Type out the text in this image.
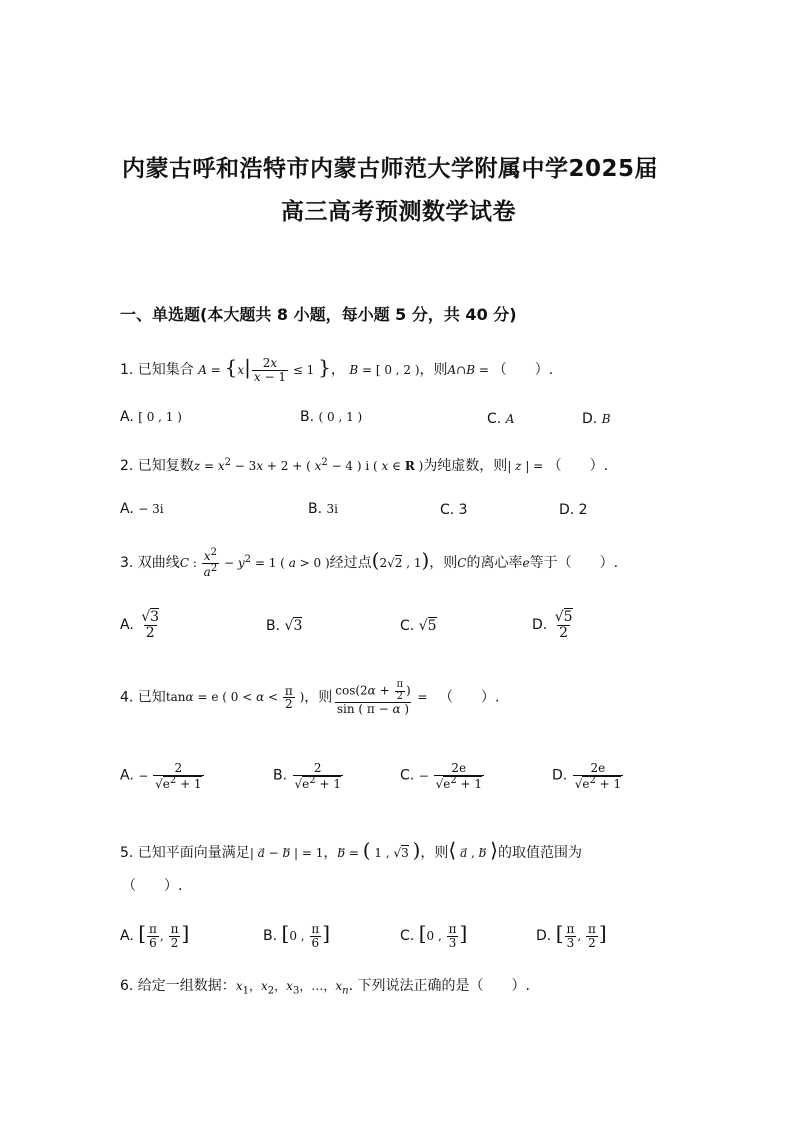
内蒙古呼和浩特市内蒙古师范大学附属中学2025届
高三高考预测数学试卷
一、单选题(本大题共 8 小题，每小题 5 分，共 40 分)
1. 已知集合 $A = \{x| \frac{2x}{x - 1} \le 1$ }， B = [ 0 , 2 )，则A∩B = （　　）.
A. [ 0 , 1 )	B. ( 0 , 1 )	C. A	D. B
2. 已知复数$z = x^2 - 3x + 2$ + ( $x^2 - 4$ ) i ( x ∈ R )为纯虚数，则| z | = （　　）.
A. − 3i	B. 3i	C. 3	D. 2
3. 双曲线C : $\frac{x^2}{a^2} - y^2 = 1$ ( a > 0 )经过点(2√2 , 1)，则C的离心率e等于（　　）.
A. $\frac{√3}{2}$	B. √3	C. √5	D. $\frac{√5}{2}$
4. 已知tanα = e ( $0 < \alpha < \frac{\pi}{2}$ )，则 $\frac{\cos(2\alpha + \frac{\pi}{2} )}{\sin ( \pi - \alpha )}$ = 　（　　）.
A. − $\frac{2}{√e^2 + 1}$	B. $\frac{2}{√e^2 + 1}$	C. − $\frac{2e}{√e^2 + 1}$	D. $\frac{2e}{√e^2 + 1}$
5. 已知平面向量满足| a⃗ − b⃗ | = 1，b⃗ = ( 1 , √3 )，则⟨ a⃗ , b⃗ ⟩的取值范围为
（　　）.
A. [ $\frac{\pi}{6}$ , $\frac{\pi}{2}$ ]	B. [0 , $\frac{\pi}{6}$ ]	C. [0 , $\frac{\pi}{3}$ ]	D. [ $\frac{\pi}{3}$ , $\frac{\pi}{2}$ ]
6. 给定一组数据：$x_1$，$x_2$，$x_3$，…，$x_n$. 下列说法正确的是（　　）.
